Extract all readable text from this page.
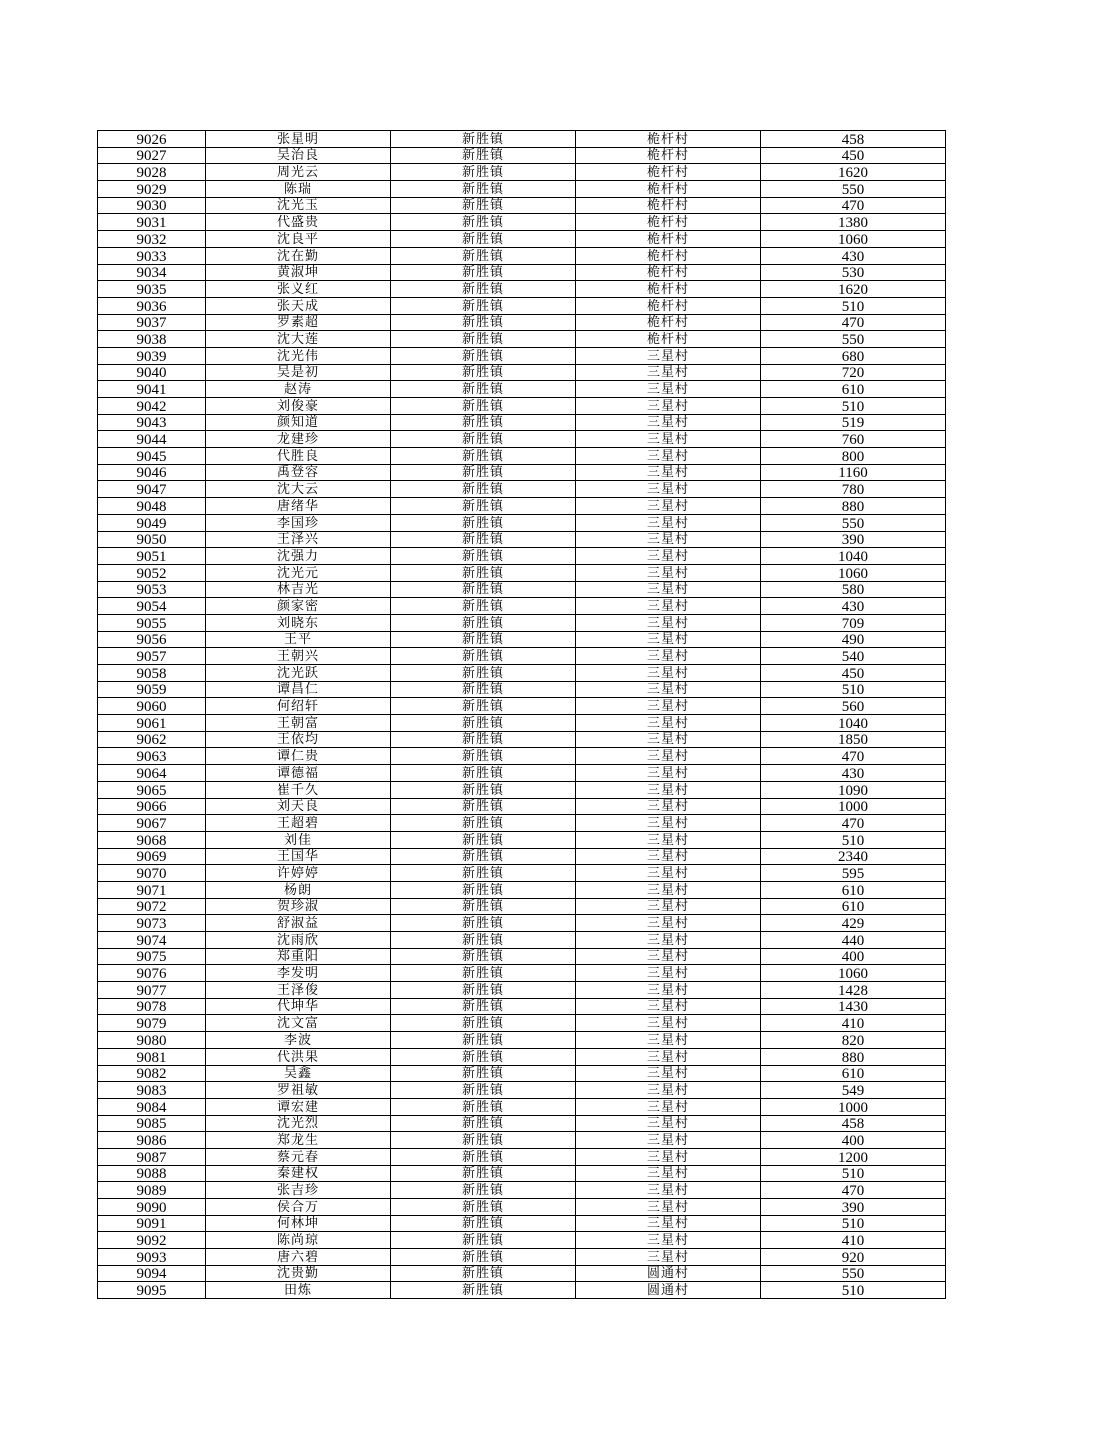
9026	张星明	新胜镇	桅杆村	458
9027	吴治良	新胜镇	桅杆村	450
9028	周光云	新胜镇	桅杆村	1620
9029	陈瑞	新胜镇	桅杆村	550
9030	沈光玉	新胜镇	桅杆村	470
9031	代盛贵	新胜镇	桅杆村	1380
9032	沈良平	新胜镇	桅杆村	1060
9033	沈在勤	新胜镇	桅杆村	430
9034	黄淑坤	新胜镇	桅杆村	530
9035	张义红	新胜镇	桅杆村	1620
9036	张天成	新胜镇	桅杆村	510
9037	罗素超	新胜镇	桅杆村	470
9038	沈大莲	新胜镇	桅杆村	550
9039	沈光伟	新胜镇	三星村	680
9040	吴是初	新胜镇	三星村	720
9041	赵涛	新胜镇	三星村	610
9042	刘俊豪	新胜镇	三星村	510
9043	颜知道	新胜镇	三星村	519
9044	龙建珍	新胜镇	三星村	760
9045	代胜良	新胜镇	三星村	800
9046	禹登容	新胜镇	三星村	1160
9047	沈大云	新胜镇	三星村	780
9048	唐绪华	新胜镇	三星村	880
9049	李国珍	新胜镇	三星村	550
9050	王泽兴	新胜镇	三星村	390
9051	沈强力	新胜镇	三星村	1040
9052	沈光元	新胜镇	三星村	1060
9053	林吉光	新胜镇	三星村	580
9054	颜家密	新胜镇	三星村	430
9055	刘晓东	新胜镇	三星村	709
9056	王平	新胜镇	三星村	490
9057	王朝兴	新胜镇	三星村	540
9058	沈光跃	新胜镇	三星村	450
9059	谭昌仁	新胜镇	三星村	510
9060	何绍轩	新胜镇	三星村	560
9061	王朝富	新胜镇	三星村	1040
9062	王依均	新胜镇	三星村	1850
9063	谭仁贵	新胜镇	三星村	470
9064	谭德福	新胜镇	三星村	430
9065	崔千久	新胜镇	三星村	1090
9066	刘天良	新胜镇	三星村	1000
9067	王超碧	新胜镇	三星村	470
9068	刘佳	新胜镇	三星村	510
9069	王国华	新胜镇	三星村	2340
9070	许婷婷	新胜镇	三星村	595
9071	杨朗	新胜镇	三星村	610
9072	贺珍淑	新胜镇	三星村	610
9073	舒淑益	新胜镇	三星村	429
9074	沈雨欣	新胜镇	三星村	440
9075	郑重阳	新胜镇	三星村	400
9076	李发明	新胜镇	三星村	1060
9077	王泽俊	新胜镇	三星村	1428
9078	代坤华	新胜镇	三星村	1430
9079	沈文富	新胜镇	三星村	410
9080	李波	新胜镇	三星村	820
9081	代洪果	新胜镇	三星村	880
9082	吴鑫	新胜镇	三星村	610
9083	罗祖敏	新胜镇	三星村	549
9084	谭宏建	新胜镇	三星村	1000
9085	沈光烈	新胜镇	三星村	458
9086	郑龙生	新胜镇	三星村	400
9087	蔡元春	新胜镇	三星村	1200
9088	秦建权	新胜镇	三星村	510
9089	张吉珍	新胜镇	三星村	470
9090	侯合万	新胜镇	三星村	390
9091	何林坤	新胜镇	三星村	510
9092	陈尚琼	新胜镇	三星村	410
9093	唐六碧	新胜镇	三星村	920
9094	沈贵勤	新胜镇	圆通村	550
9095	田炼	新胜镇	圆通村	510
